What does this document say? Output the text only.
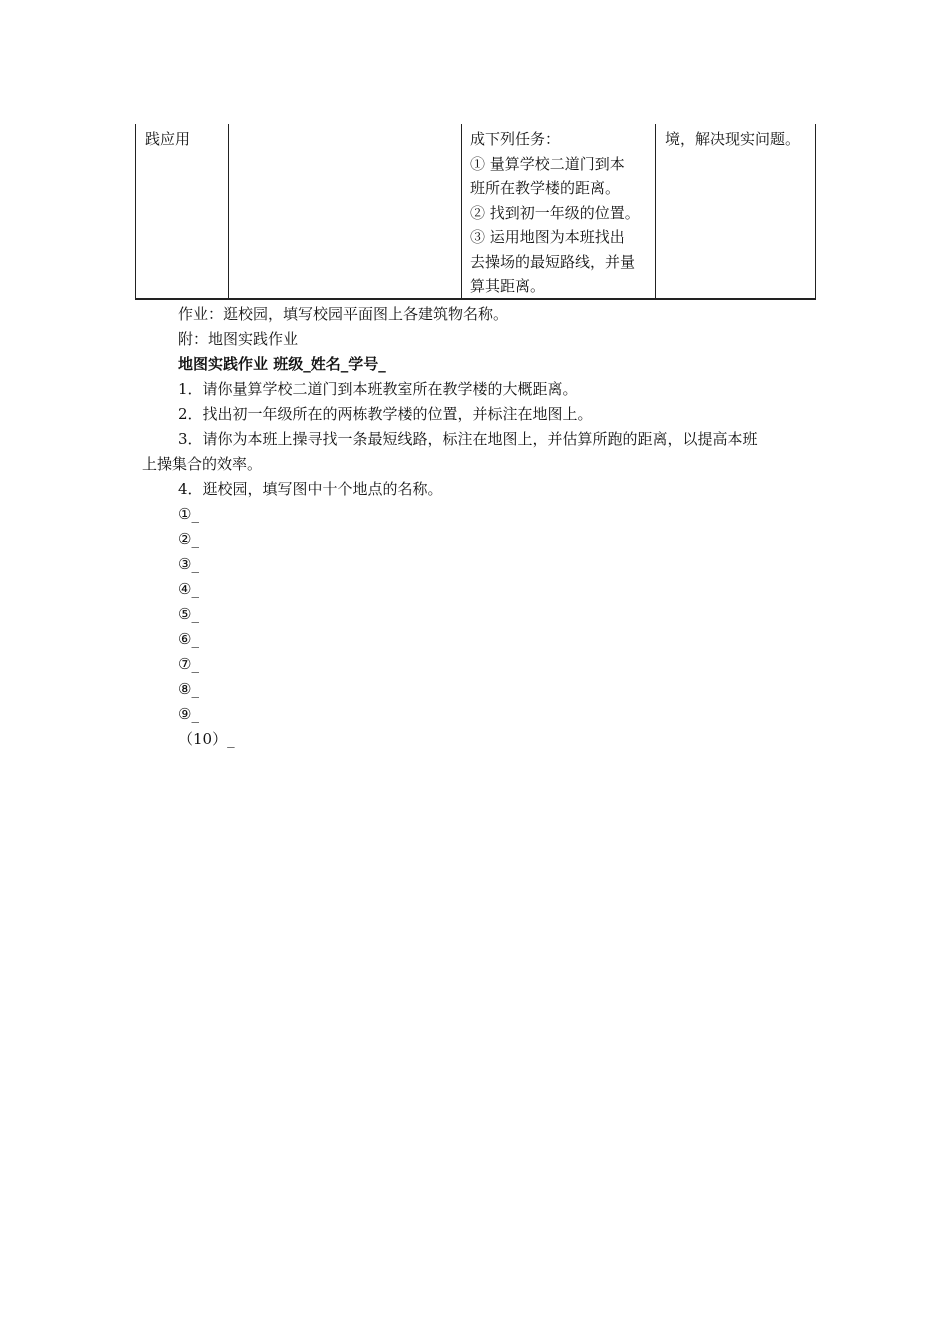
践应用	成下列任务：
① 量算学校二道门到本
班所在教学楼的距离。
② 找到初一年级的位置。
③ 运用地图为本班找出
去操场的最短路线，并量
算其距离。
境，解决现实问题。
作业：逛校园，填写校园平面图上各建筑物名称。
附：地图实践作业
地图实践作业 班级_姓名_学号_
1．请你量算学校二道门到本班教室所在教学楼的大概距离。
2．找出初一年级所在的两栋教学楼的位置，并标注在地图上。
3．请你为本班上操寻找一条最短线路，标注在地图上，并估算所跑的距离，以提高本班
上操集合的效率。
4．逛校园，填写图中十个地点的名称。
①_
②_
③_
④_
⑤_
⑥_
⑦_
⑧_
⑨_
（10）_
